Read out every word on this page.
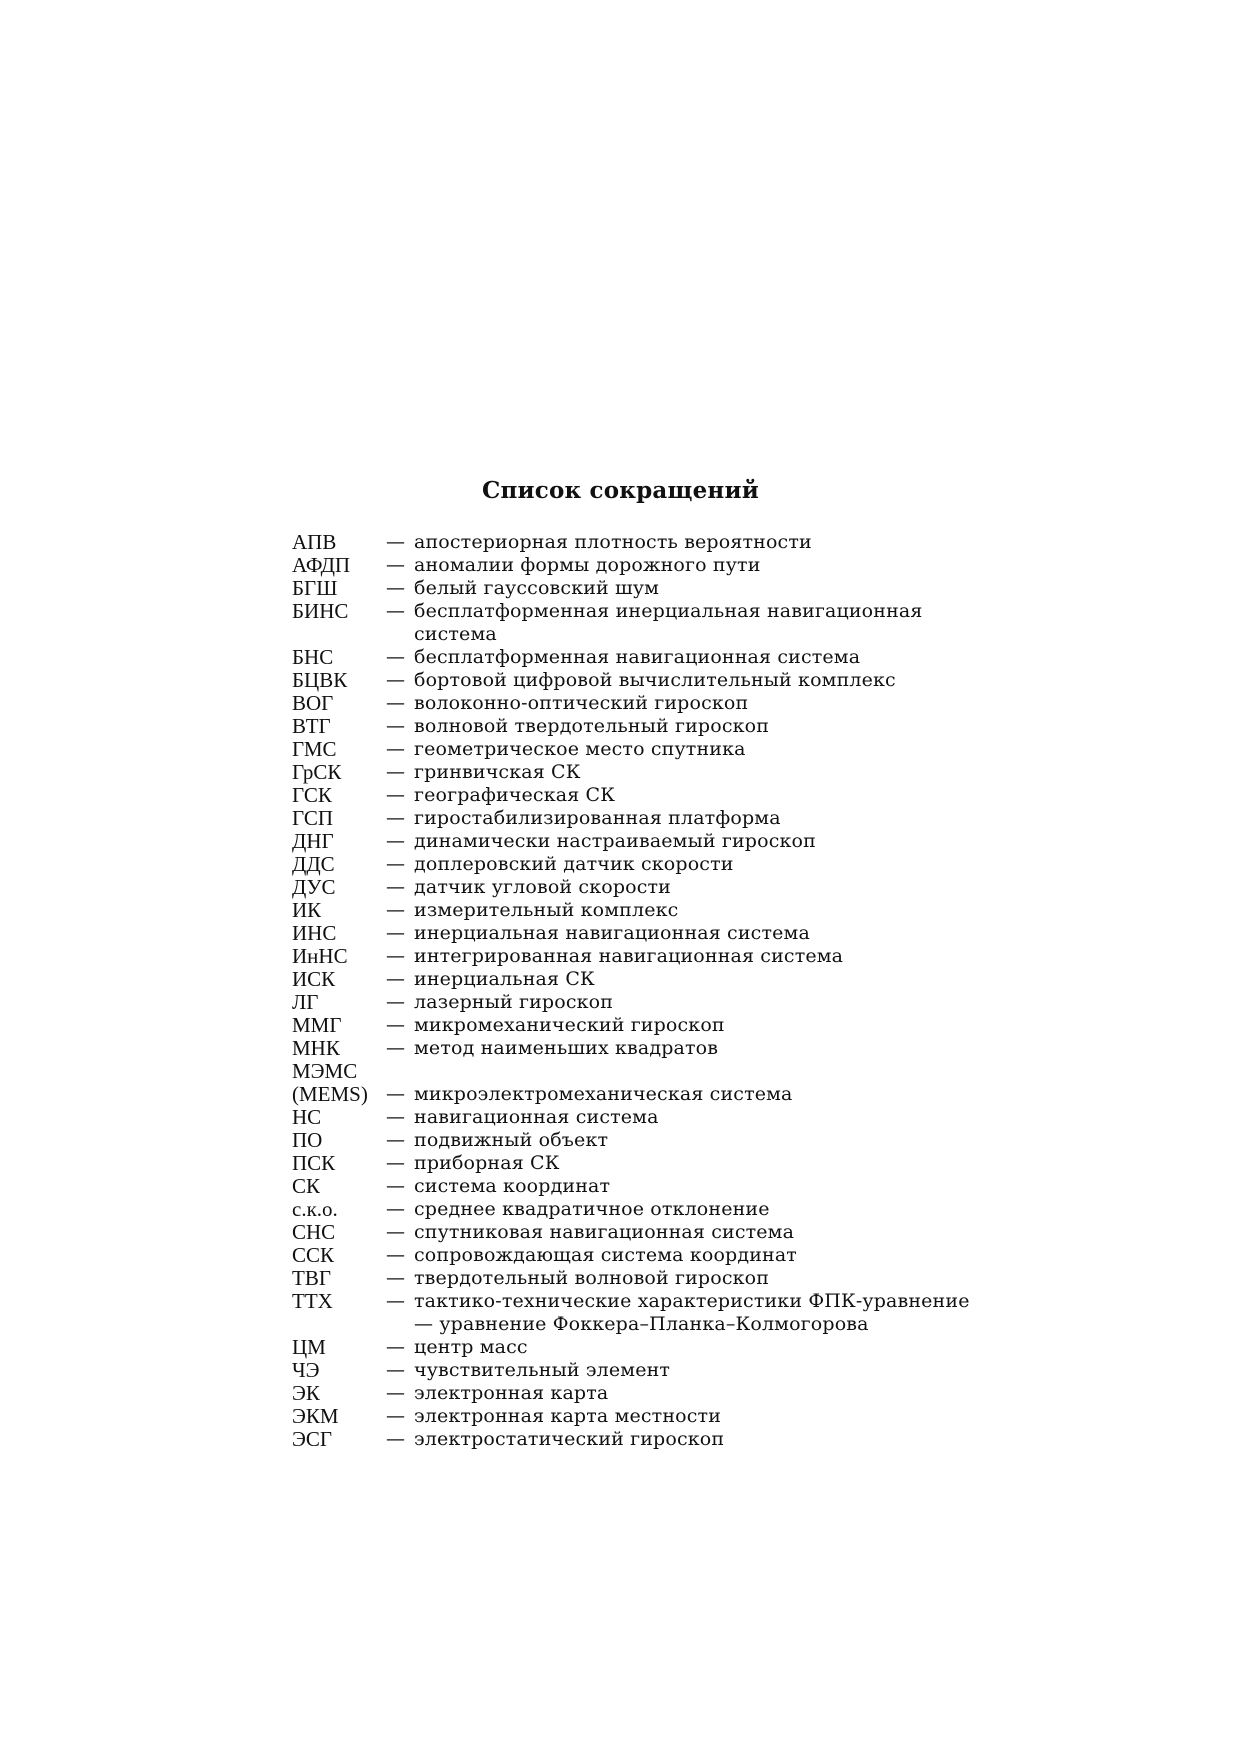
Список сокращений
АПВ	— апостериорная плотность вероятности
АФДП	— аномалии формы дорожного пути
БГШ	— белый гауссовский шум
БИНС	— бесплатформенная инерциальная навигационная система
БНС	— бесплатформенная навигационная система
БЦВК	— бортовой цифровой вычислительный комплекс
ВОГ	— волоконно-оптический гироскоп
ВТГ	— волновой твердотельный гироскоп
ГМС	— геометрическое место спутника
ГрСК	— гринвичская СК
ГСК	— географическая СК
ГСП	— гиростабилизированная платформа
ДНГ	— динамически настраиваемый гироскоп
ДДС	— доплеровский датчик скорости
ДУС	— датчик угловой скорости
ИК	— измерительный комплекс
ИНС	— инерциальная навигационная система
ИнНС	— интегрированная навигационная система
ИСК	— инерциальная СК
ЛГ	— лазерный гироскоп
ММГ	— микромеханический гироскоп
МНК	— метод наименьших квадратов
МЭМС
(MEMS) — микроэлектромеханическая система
НС	— навигационная система
ПО	— подвижный объект
ПСК	— приборная СК
СК	— система координат
с.к.о.	— среднее квадратичное отклонение
СНС	— спутниковая навигационная система
ССК	— сопровождающая система координат
ТВГ	— твердотельный волновой гироскоп
ТТХ	— тактико-технические характеристики ФПК-уравнение — уравнение Фоккера–Планка–Колмогорова
ЦМ	— центр масс
ЧЭ	— чувствительный элемент
ЭК	— электронная карта
ЭКМ	— электронная карта местности
ЭСГ	— электростатический гироскоп
